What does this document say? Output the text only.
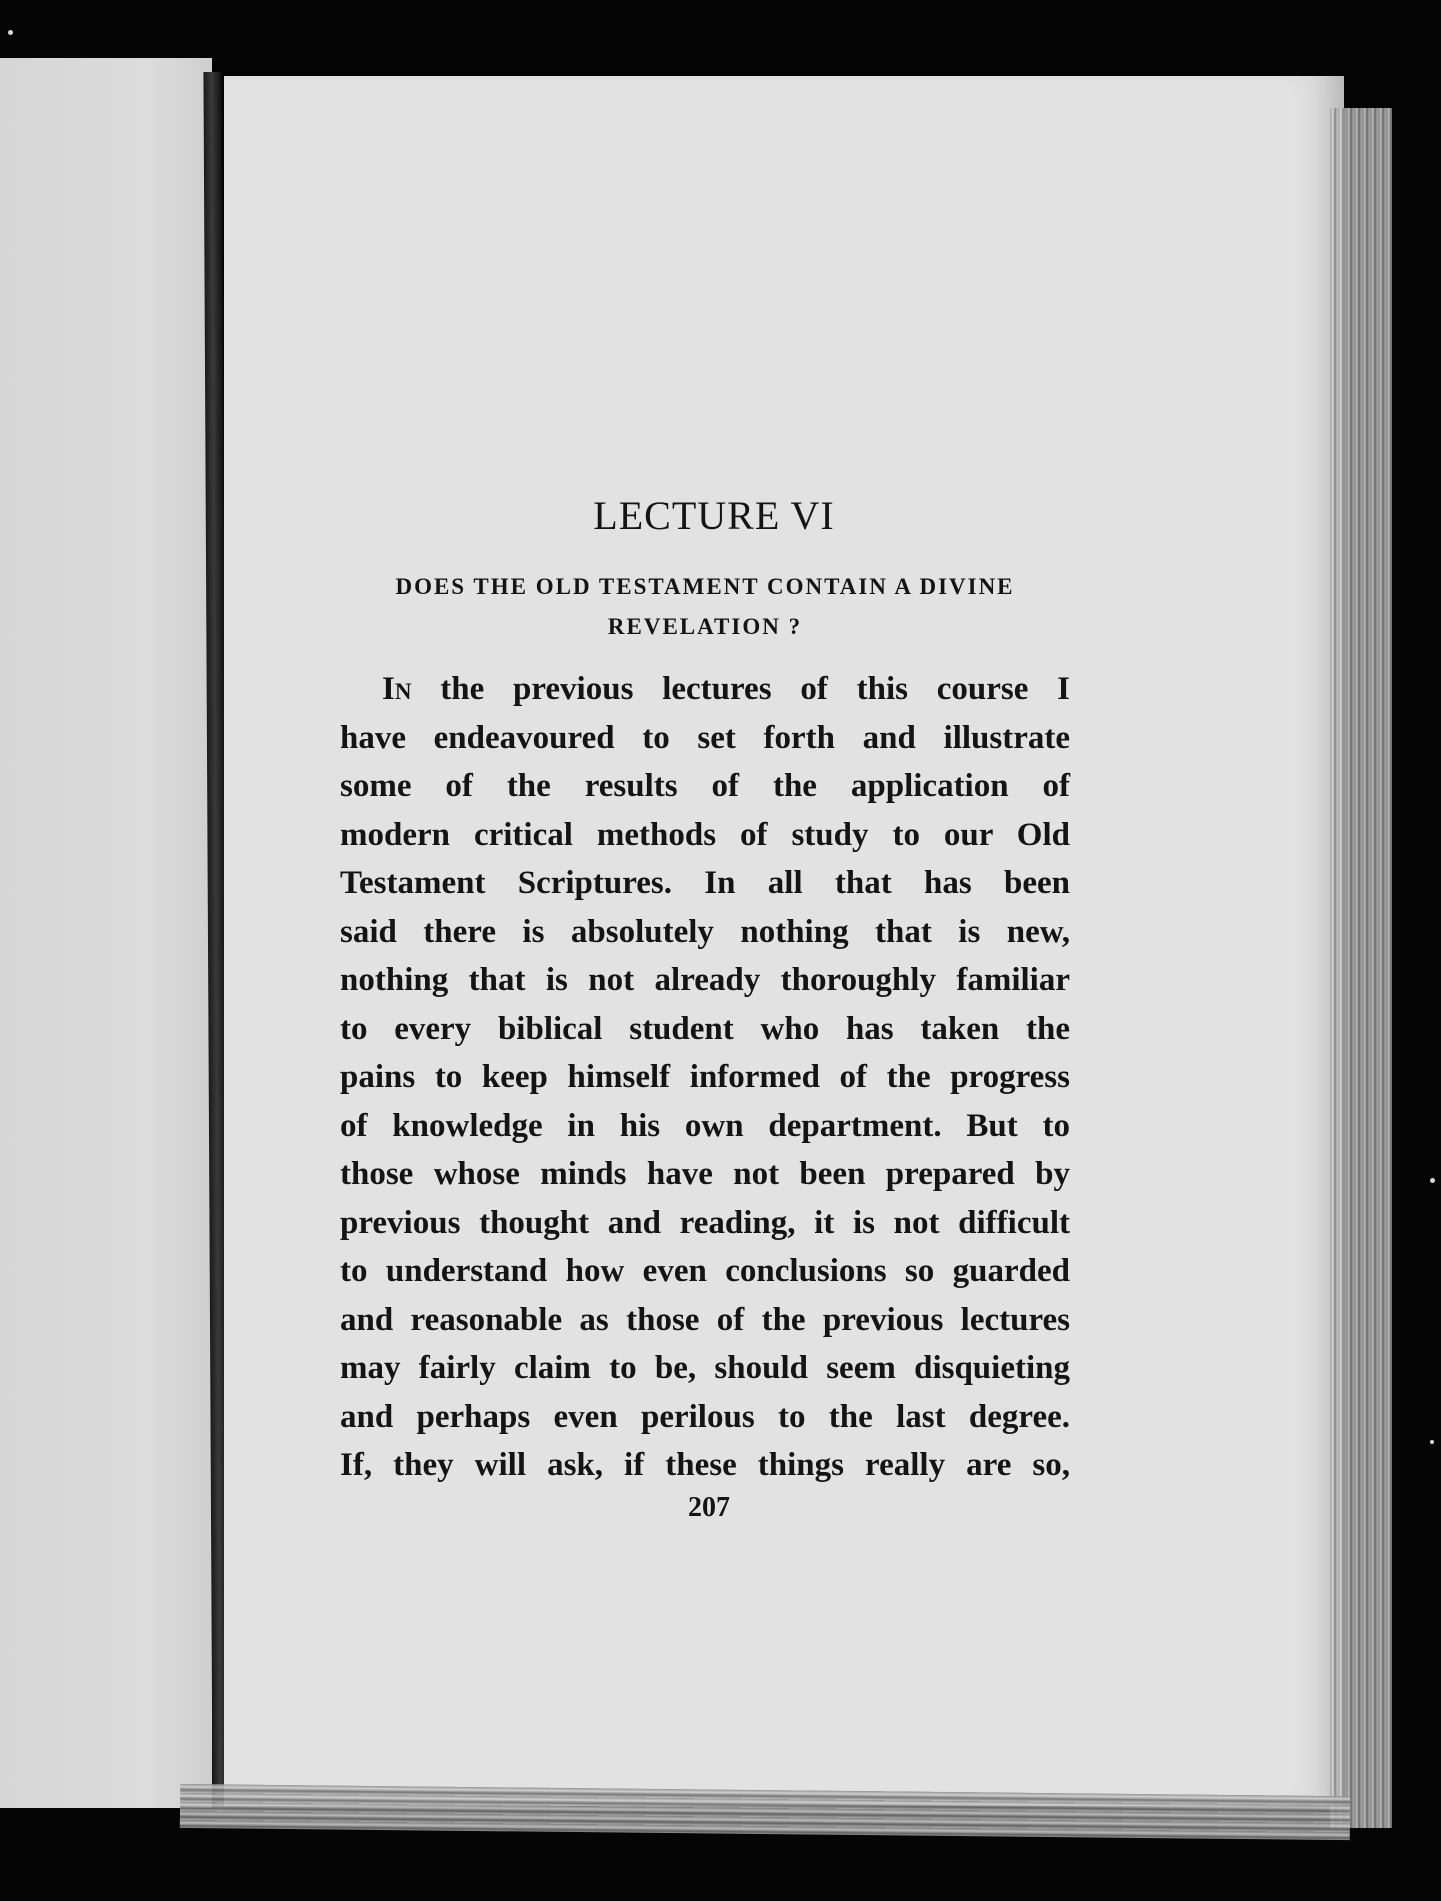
LECTURE VI
DOES THE OLD TESTAMENT CONTAIN A DIVINE
REVELATION ?
In the previous lectures of this course I
have endeavoured to set forth and illustrate
some of the results of the application of
modern critical methods of study to our Old
Testament Scriptures. In all that has been
said there is absolutely nothing that is new,
nothing that is not already thoroughly familiar
to every biblical student who has taken the
pains to keep himself informed of the progress
of knowledge in his own department. But to
those whose minds have not been prepared by
previous thought and reading, it is not difficult
to understand how even conclusions so guarded
and reasonable as those of the previous lectures
may fairly claim to be, should seem disquieting
and perhaps even perilous to the last degree.
If, they will ask, if these things really are so,
207
